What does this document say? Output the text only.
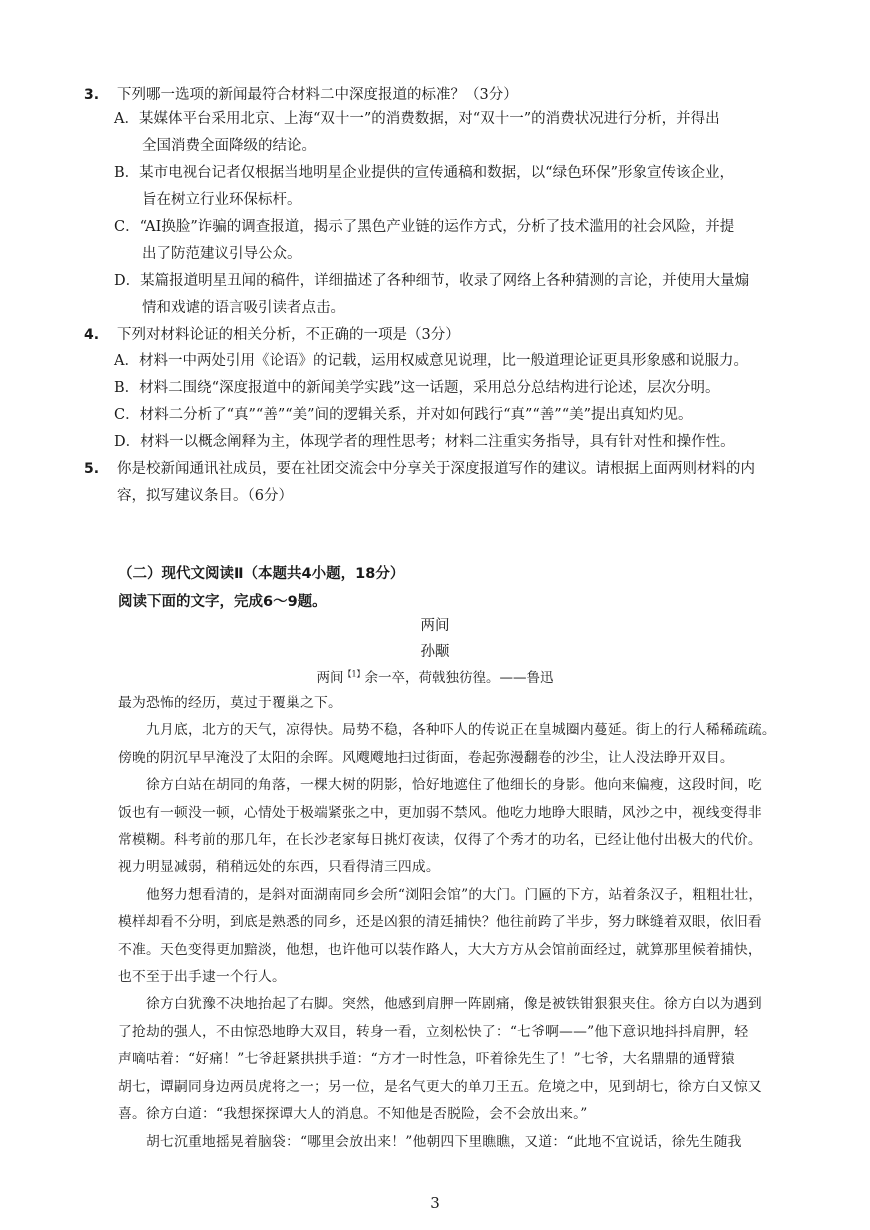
3. 下列哪一选项的新闻最符合材料二中深度报道的标准？（3分）
A．某媒体平台采用北京、上海“双十一”的消费数据，对“双十一”的消费状况进行分析，并得出
全国消费全面降级的结论。
B．某市电视台记者仅根据当地明星企业提供的宣传通稿和数据，以“绿色环保”形象宣传该企业，
旨在树立行业环保标杆。
C．“AI换脸”诈骗的调查报道，揭示了黑色产业链的运作方式，分析了技术滥用的社会风险，并提
出了防范建议引导公众。
D．某篇报道明星丑闻的稿件，详细描述了各种细节，收录了网络上各种猜测的言论，并使用大量煽
情和戏谑的语言吸引读者点击。
4. 下列对材料论证的相关分析，不正确的一项是（3分）
A．材料一中两处引用《论语》的记载，运用权威意见说理，比一般道理论证更具形象感和说服力。
B．材料二围绕“深度报道中的新闻美学实践”这一话题，采用总分总结构进行论述，层次分明。
C．材料二分析了“真”“善”“美”间的逻辑关系，并对如何践行“真”“善”“美”提出真知灼见。
D．材料一以概念阐释为主，体现学者的理性思考；材料二注重实务指导，具有针对性和操作性。
5. 你是校新闻通讯社成员，要在社团交流会中分享关于深度报道写作的建议。请根据上面两则材料的内
容，拟写建议条目。（6分）
（二）现代文阅读Ⅱ（本题共4小题，18分）
阅读下面的文字，完成6～9题。
两间
孙颙
两间$^{【1】}$余一卒，荷戟独彷徨。——鲁迅
最为恐怖的经历，莫过于覆巢之下。
　　九月底，北方的天气，凉得快。局势不稳，各种吓人的传说正在皇城圈内蔓延。街上的行人稀稀疏疏。
傍晚的阴沉早早淹没了太阳的余晖。风飕飕地扫过街面，卷起弥漫翻卷的沙尘，让人没法睁开双目。
　　徐方白站在胡同的角落，一棵大树的阴影，恰好地遮住了他细长的身影。他向来偏瘦，这段时间，吃
饭也有一顿没一顿，心情处于极端紧张之中，更加弱不禁风。他吃力地睁大眼睛，风沙之中，视线变得非
常模糊。科考前的那几年，在长沙老家每日挑灯夜读，仅得了个秀才的功名，已经让他付出极大的代价。
视力明显减弱，稍稍远处的东西，只看得清三四成。
　　他努力想看清的，是斜对面湖南同乡会所“浏阳会馆”的大门。门匾的下方，站着条汉子，粗粗壮壮，
模样却看不分明，到底是熟悉的同乡，还是凶狠的清廷捕快？他往前跨了半步，努力眯缝着双眼，依旧看
不准。天色变得更加黯淡，他想，也许他可以装作路人，大大方方从会馆前面经过，就算那里候着捕快，
也不至于出手逮一个行人。
　　徐方白犹豫不决地抬起了右脚。突然，他感到肩胛一阵剧痛，像是被铁钳狠狠夹住。徐方白以为遇到
了抢劫的强人，不由惊恐地睁大双目，转身一看，立刻松快了：“七爷啊——”他下意识地抖抖肩胛，轻
声嘀咕着：“好痛！”七爷赶紧拱拱手道：“方才一时性急，吓着徐先生了！”七爷，大名鼎鼎的通臂猿
胡七，谭嗣同身边两员虎将之一；另一位，是名气更大的单刀王五。危境之中，见到胡七，徐方白又惊又
喜。徐方白道：“我想探探谭大人的消息。不知他是否脱险，会不会放出来。”
　　胡七沉重地摇晃着脑袋：“哪里会放出来！”他朝四下里瞧瞧，又道：“此地不宜说话，徐先生随我
3
